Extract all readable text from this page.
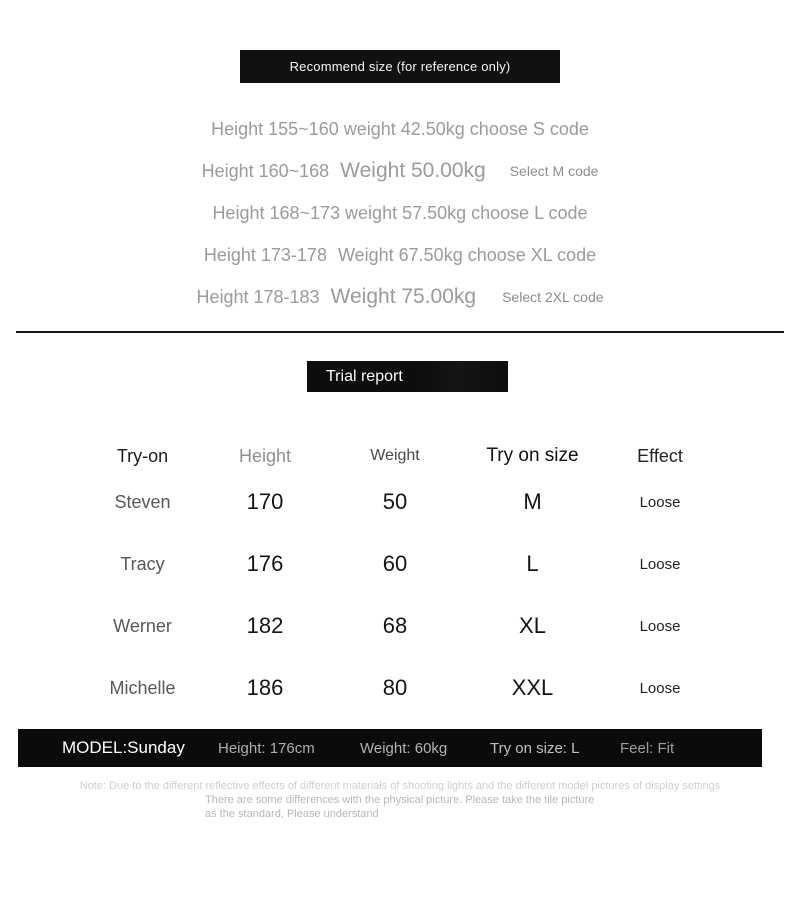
Recommend size (for reference only)
Height 155~160 weight 42.50kg choose S code
Height 160~168 Weight 50.00kg Select M code
Height 168~173 weight 57.50kg choose L code
Height 173-178 Weight 67.50kg choose XL code
Height 178-183 Weight 75.00kg Select 2XL code
Trial report
Try-on	Height	Weight	Try on size	Effect
Steven	170	50	M	Loose
Tracy	176	60	L	Loose
Werner	182	68	XL	Loose
Michelle	186	80	XXL	Loose
MODEL:Sunday Height: 176cm	Weight: 60kg	Try on size: L	Feel: Fit
Note: Due to the different reflective effects of different materials of shooting lights and the different model pictures of display settings
There are some differences with the physical picture. Please take the tile picture
as the standard, Please understand
